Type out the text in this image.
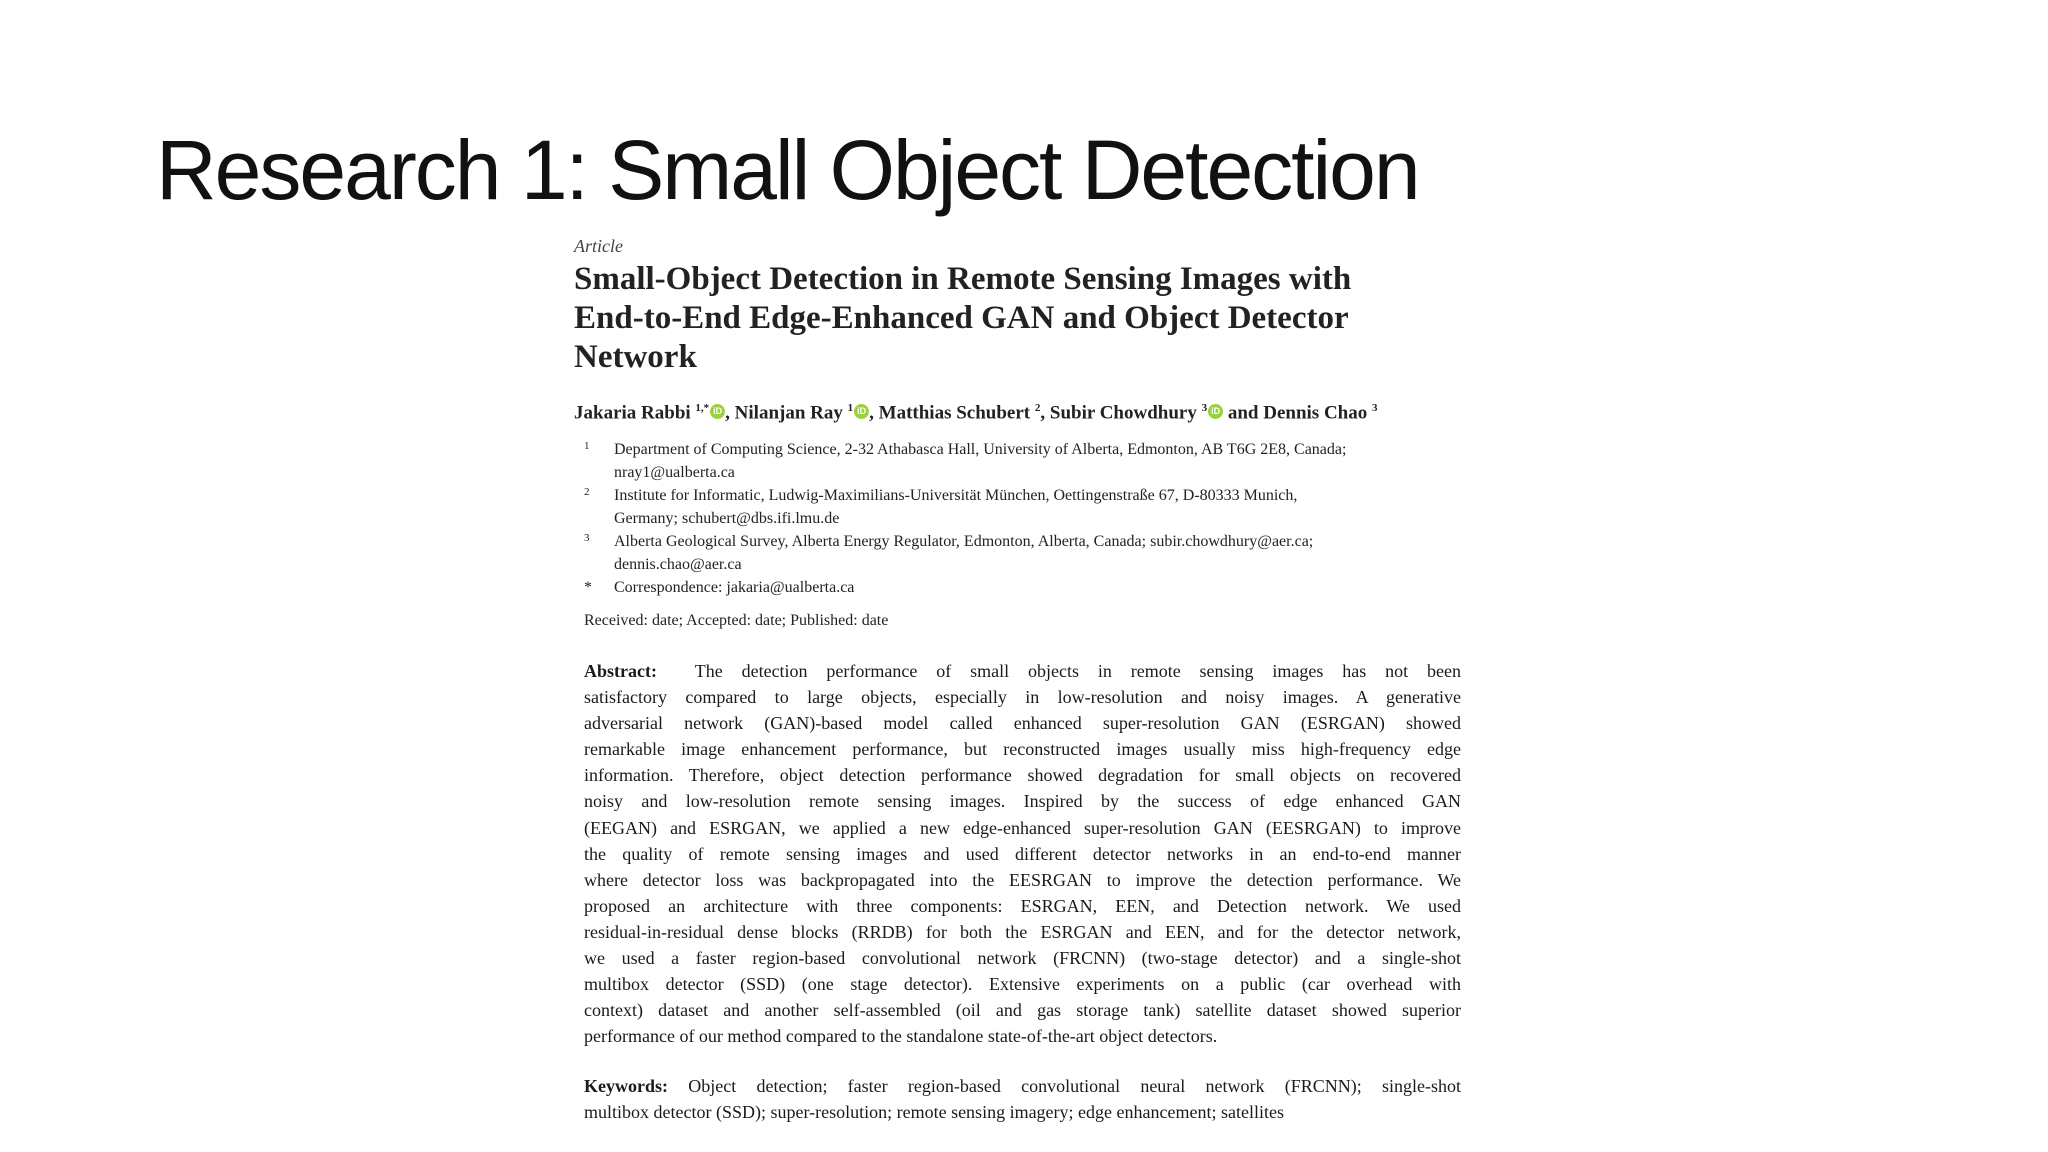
Research 1: Small Object Detection
Article
Small-Object Detection in Remote Sensing Images with
End-to-End Edge-Enhanced GAN and Object Detector
Network
Jakaria Rabbi $^{1,*}$ iD , Nilanjan Ray $^1$ iD , Matthias Schubert $^2$, Subir Chowdhury $^3$ iD and Dennis Chao $^3$
1	Department of Computing Science, 2-32 Athabasca Hall, University of Alberta, Edmonton, AB T6G 2E8, Canada;
nray1@ualberta.ca
2	Institute for Informatic, Ludwig-Maximilians-Universität München, Oettingenstraße 67, D-80333 Munich,
Germany; schubert@dbs.ifi.lmu.de
3	Alberta Geological Survey, Alberta Energy Regulator, Edmonton, Alberta, Canada; subir.chowdhury@aer.ca;
dennis.chao@aer.ca
*	Correspondence: jakaria@ualberta.ca
Received: date; Accepted: date; Published: date
Abstract: The detection performance of small objects in remote sensing images has not been
satisfactory compared to large objects, especially in low-resolution and noisy images. A generative
adversarial network (GAN)-based model called enhanced super-resolution GAN (ESRGAN) showed
remarkable image enhancement performance, but reconstructed images usually miss high-frequency edge
information. Therefore, object detection performance showed degradation for small objects on recovered
noisy and low-resolution remote sensing images. Inspired by the success of edge enhanced GAN
(EEGAN) and ESRGAN, we applied a new edge-enhanced super-resolution GAN (EESRGAN) to improve
the quality of remote sensing images and used different detector networks in an end-to-end manner
where detector loss was backpropagated into the EESRGAN to improve the detection performance. We
proposed an architecture with three components: ESRGAN, EEN, and Detection network. We used
residual-in-residual dense blocks (RRDB) for both the ESRGAN and EEN, and for the detector network,
we used a faster region-based convolutional network (FRCNN) (two-stage detector) and a single-shot
multibox detector (SSD) (one stage detector). Extensive experiments on a public (car overhead with
context) dataset and another self-assembled (oil and gas storage tank) satellite dataset showed superior
performance of our method compared to the standalone state-of-the-art object detectors.
Keywords: Object detection; faster region-based convolutional neural network (FRCNN); single-shot
multibox detector (SSD); super-resolution; remote sensing imagery; edge enhancement; satellites
